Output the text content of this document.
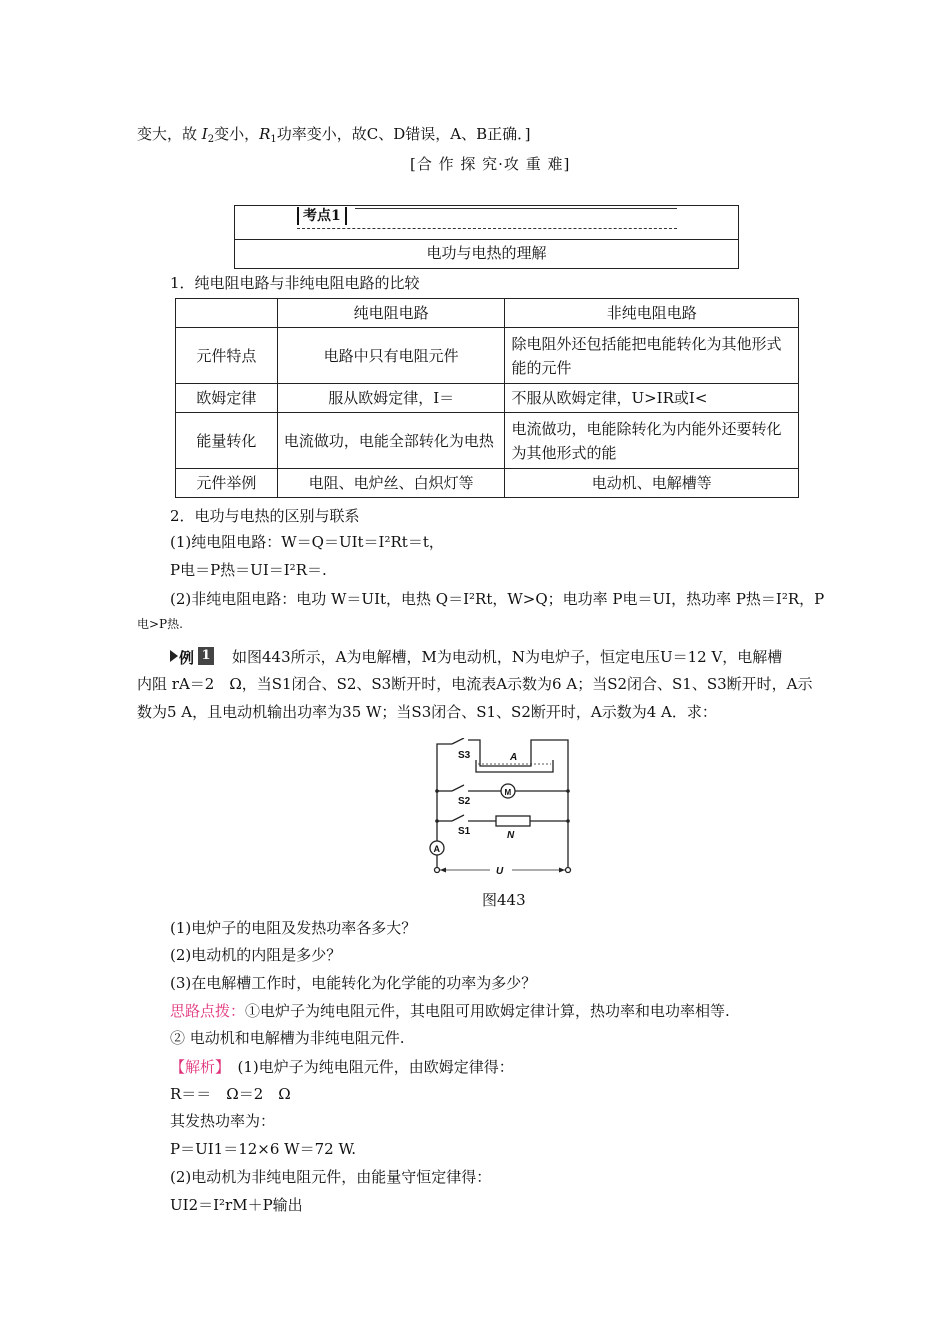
变大，故 $I_2$变小，$R_1$功率变小，故C、D错误，A、B正确．]
[合 作 探 究·攻 重 难]
考点1
电功与电热的理解
1．纯电阻电路与非纯电阻电路的比较
	纯电阻电路	非纯电阻电路
元件特点	电路中只有电阻元件	除电阻外还包括能把电能转化为其他形式能的元件
欧姆定律	服从欧姆定律，I＝	不服从欧姆定律，U>IR或I<
能量转化	电流做功，电能全部转化为电热	电流做功，电能除转化为内能外还要转化为其他形式的能
元件举例	电阻、电炉丝、白炽灯等	电动机、电解槽等
2．电功与电热的区别与联系
(1)纯电阻电路：W＝Q＝UIt＝I²Rt＝t，
P电＝P热＝UI＝I²R＝.
(2)非纯电阻电路：电功 W＝UIt，电热 Q＝I²Rt，W>Q；电功率 P电＝UI，热功率 P热＝I²R，P
电>P热.
例 1 如图443所示，A为电解槽，M为电动机，N为电炉子，恒定电压U＝12 V，电解槽
内阻 rA＝2　Ω，当S1闭合、S2、S3断开时，电流表A示数为6 A；当S2闭合、S1、S3断开时，A示
数为5 A，且电动机输出功率为35 W；当S3闭合、S1、S2断开时，A示数为4 A．求：
S3	A
M
S2
S1	N
A
U
图443
(1)电炉子的电阻及发热功率各多大？
(2)电动机的内阻是多少？
(3)在电解槽工作时，电能转化为化学能的功率为多少？
思路点拨：①电炉子为纯电阻元件，其电阻可用欧姆定律计算，热功率和电功率相等.
② 电动机和电解槽为非纯电阻元件.
【解析】　(1)电炉子为纯电阻元件，由欧姆定律得：
R＝＝　Ω＝2　Ω
其发热功率为：
P＝UI1＝12×6 W＝72 W.
(2)电动机为非纯电阻元件，由能量守恒定律得：
UI2＝I²rM＋P输出
